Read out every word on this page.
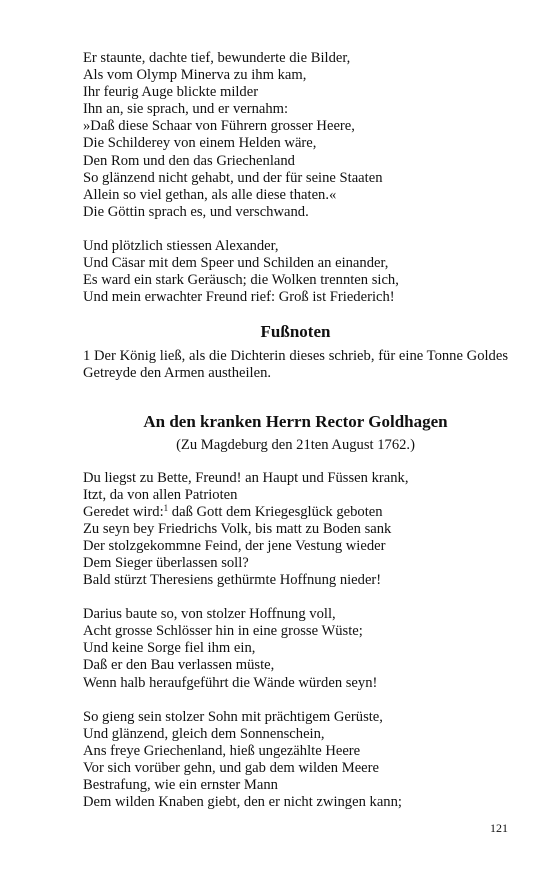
Er staunte, dachte tief, bewunderte die Bilder,
Als vom Olymp Minerva zu ihm kam,
Ihr feurig Auge blickte milder
Ihn an, sie sprach, und er vernahm:
»Daß diese Schaar von Führern grosser Heere,
Die Schilderey von einem Helden wäre,
Den Rom und den das Griechenland
So glänzend nicht gehabt, und der für seine Staaten
Allein so viel gethan, als alle diese thaten.«
Die Göttin sprach es, und verschwand.
Und plötzlich stiessen Alexander,
Und Cäsar mit dem Speer und Schilden an einander,
Es ward ein stark Geräusch; die Wolken trennten sich,
Und mein erwachter Freund rief: Groß ist Friederich!
Fußnoten

1 Der König ließ, als die Dichterin dieses schrieb, für eine Tonne Goldes Getreyde den Armen austheilen.

An den kranken Herrn Rector Goldhagen

(Zu Magdeburg den 21ten August 1762.)

Du liegst zu Bette, Freund! an Haupt und Füssen krank,
Itzt, da von allen Patrioten
Geredet wird:$^1$ daß Gott dem Kriegesglück geboten
Zu seyn bey Friedrichs Volk, bis matt zu Boden sank
Der stolzgekommne Feind, der jene Vestung wieder
Dem Sieger überlassen soll?
Bald stürzt Theresiens gethürmte Hoffnung nieder!
Darius baute so, von stolzer Hoffnung voll,
Acht grosse Schlösser hin in eine grosse Wüste;
Und keine Sorge fiel ihm ein,
Daß er den Bau verlassen müste,
Wenn halb heraufgeführt die Wände würden seyn!
So gieng sein stolzer Sohn mit prächtigem Gerüste,
Und glänzend, gleich dem Sonnenschein,
Ans freye Griechenland, hieß ungezählte Heere
Vor sich vorüber gehn, und gab dem wilden Meere
Bestrafung, wie ein ernster Mann
Dem wilden Knaben giebt, den er nicht zwingen kann;
121
